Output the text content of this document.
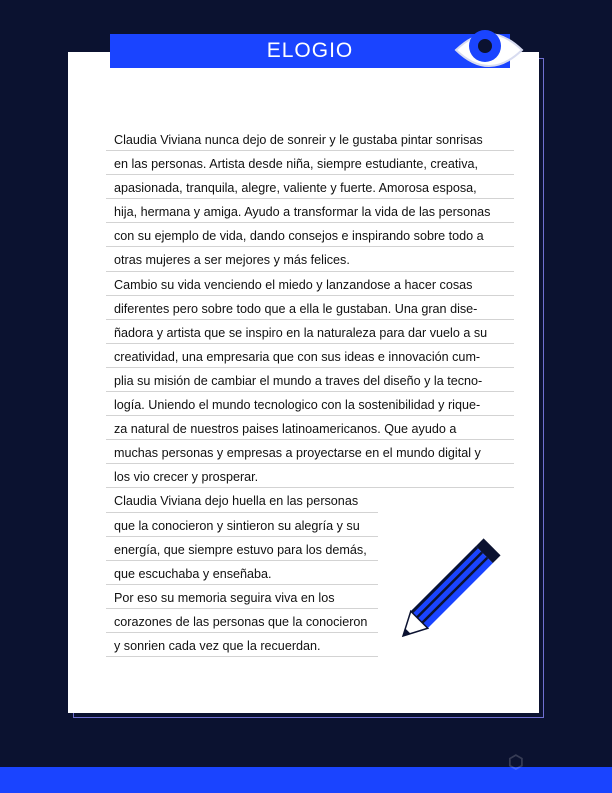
⬡
ELOGIO
Claudia Viviana nunca dejo de sonreir y le gustaba pintar sonrisas
en las personas. Artista desde niña, siempre estudiante, creativa,
apasionada, tranquila, alegre, valiente y fuerte. Amorosa esposa,
hija, hermana y amiga. Ayudo a transformar la vida de las personas
con su ejemplo de vida, dando consejos e inspirando sobre todo a
otras mujeres a ser mejores y más felices.
Cambio su vida venciendo el miedo y lanzandose a hacer cosas
diferentes pero sobre todo que a ella le gustaban. Una gran dise-
ñadora y artista que se inspiro en la naturaleza para dar vuelo a su
creatividad, una empresaria que con sus ideas e innovación cum-
plia su misión de cambiar el mundo a traves del diseño y la tecno-
logía. Uniendo el mundo tecnologico con la sostenibilidad y rique-
za natural de nuestros paises latinoamericanos. Que ayudo a
muchas personas y empresas a proyectarse en el mundo digital y
los vio crecer y prosperar.
Claudia Viviana dejo huella en las personas
que la conocieron y sintieron su alegría y su
energía, que siempre estuvo para los demás,
que escuchaba y enseñaba.
Por eso su memoria seguira viva en los
corazones de las personas que la conocieron
y sonrien cada vez que la recuerdan.
